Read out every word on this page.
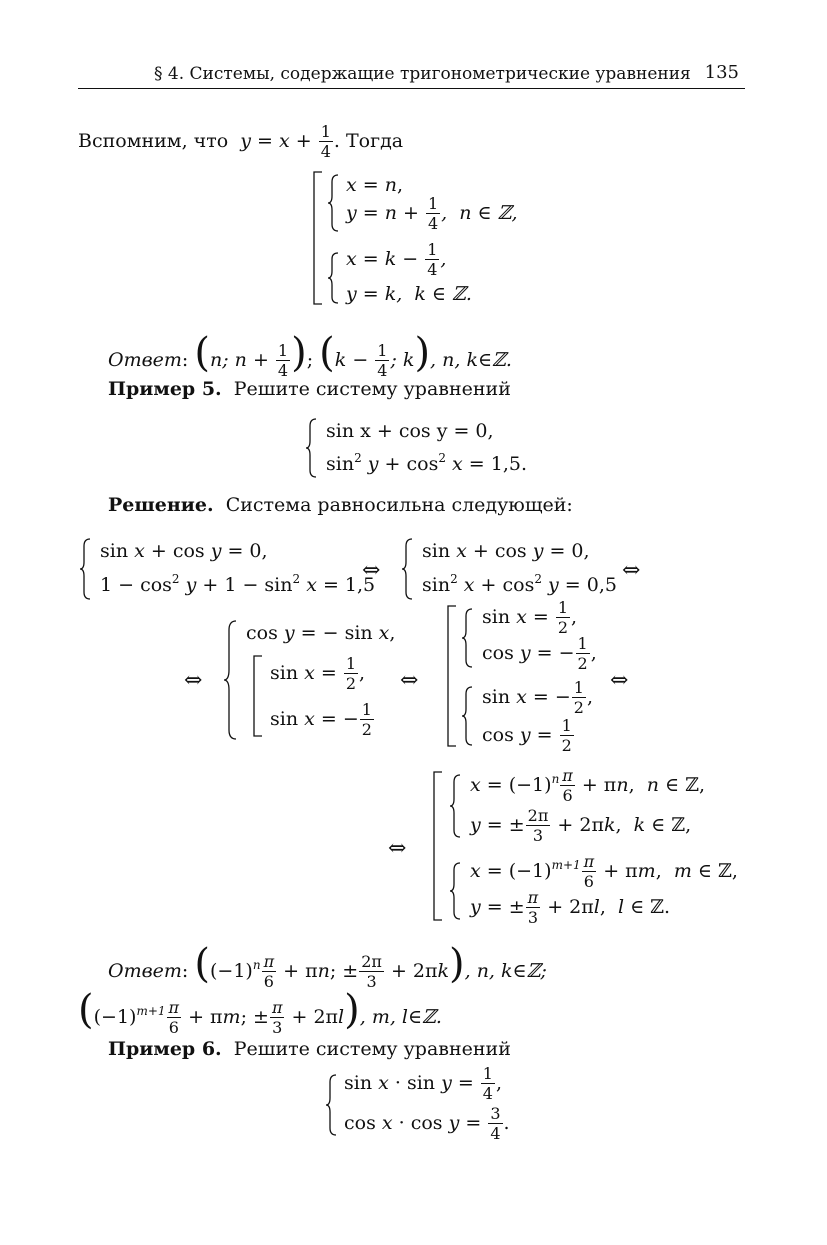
§ 4. Системы, содержащие тригонометрические уравнения 135
Вспомним, что  $y = x + \frac{1}{4}$ . Тогда
x = n,
$y = n + \frac{1}{4}$ ,  n ∈ ℤ,
$x = k - \frac{1}{4}$ ,
y = k,  k ∈ ℤ.
Ответ: (n; $n + \frac{1}{4}$ ); ($k - \frac{1}{4}$ ; k), n, k∈ℤ.
Пример 5. Решите систему уравнений
sin x + cos y = 0,
$\sin^2 y + \cos^2 x = 1,5$.
Решение. Система равносильна следующей:
sin x + cos y = 0,
$1 - \cos^2 y + 1 - \sin^2 x = 1,5$
⇔
sin x + cos y = 0,
$\sin^2 x + \cos^2 y = 0,5$
⇔
⇔
cos y = − sin x,
$\sin x = \frac{1}{2}$ ,
sin x = − $\frac{1}{2}$
⇔
$\sin x = \frac{1}{2}$ ,
cos y = − $\frac{1}{2}$ ,
sin x = − $\frac{1}{2}$ ,
$\cos y = \frac{1}{2}$
⇔
⇔
$x = (-1)^n \frac{\pi}{6} + \pi n$,  n ∈ ℤ,
y = ± $\frac{2\pi}{3} + 2\pi k$,  k ∈ ℤ,
$x = (-1)^{m+1} \frac{\pi}{6} + \pi m$,  m ∈ ℤ,
y = ± $\frac{\pi}{3} + 2\pi l$,  l ∈ ℤ.
Ответ: ($(-1)^n \frac{\pi}{6} + \pi n$; ± $\frac{2\pi}{3} + 2\pi k$), n, k∈ℤ;
($(-1)^{m+1} \frac{\pi}{6} + \pi m$; ± $\frac{\pi}{3} + 2\pi l$), m, l∈ℤ.
Пример 6. Решите систему уравнений
$\sin x \cdot \sin y = \frac{1}{4}$ ,
$\cos x \cdot \cos y = \frac{3}{4}$ .
